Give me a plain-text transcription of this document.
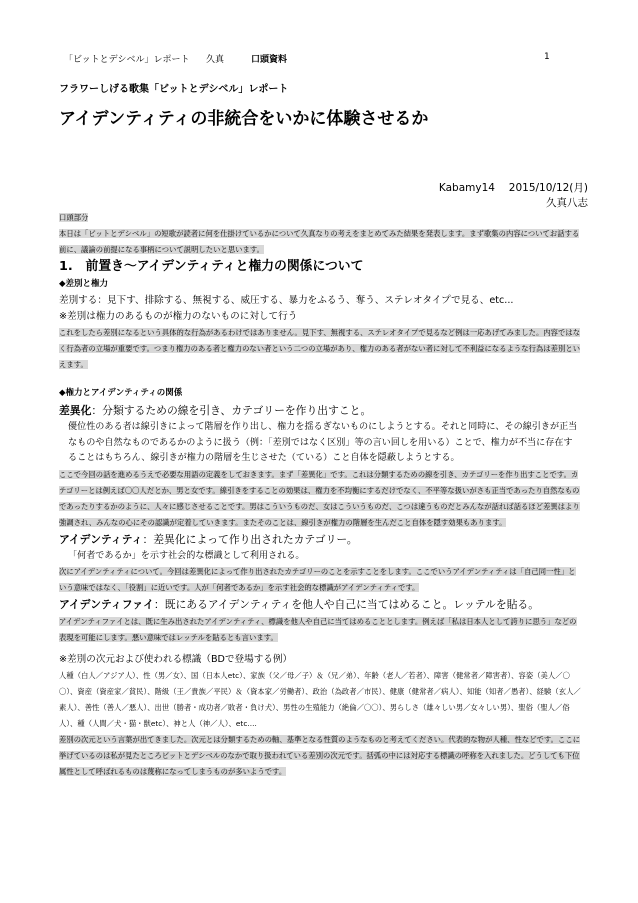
「ビットとデシベル」レポート 久真	口頭資料	1
フラワーしげる歌集「ビットとデシベル」レポート
アイデンティティの非統合をいかに体験させるか
Kabamy14　 2015/10/12(月)
久真八志

口頭部分

本日は「ビットとデシベル」の短歌が読者に何を仕掛けているかについて久真なりの考えをまとめてみた結果を発表します。まず歌集の内容についてお話する前に、議論の前提になる事柄について説明したいと思います。

1.　前置き～アイデンティティと権力の関係について

◆差別と権力

差別する：見下す、排除する、無視する、威圧する、暴力をふるう、奪う、ステレオタイプで見る、etc...

※差別は権力のあるものが権力のないものに対して行う

これをしたら差別になるという具体的な行為があるわけではありません。見下す、無視する、ステレオタイプで見るなど例は一応あげてみました。内容ではなく行為者の立場が重要です。つまり権力のある者と権力のない者という二つの立場があり、権力のある者がない者に対して不利益になるような行為は差別といえます。

◆権力とアイデンティティの関係

差異化：分類するための線を引き、カテゴリーを作り出すこと。

優位性のある者は線引きによって階層を作り出し、権力を揺るぎないものにしようとする。それと同時に、その線引きが正当なものや自然なものであるかのように扱う（例：「差別ではなく区別」等の言い回しを用いる）ことで、権力が不当に存在することはもちろん、線引きが権力の階層を生じさせた（ている）こと自体を隠蔽しようとする。

ここで今回の話を進めるうえで必要な用語の定義をしておきます。まず「差異化」です。これは分類するための線を引き、カテゴリーを作り出すことです。カテゴリーとは例えば〇〇人だとか、男と女です。線引きをすることの効果は、権力を不均衡にするだけでなく、不平等な扱いがさも正当であったり自然なものであったりするかのように、人々に感じさせることです。男はこういうものだ、女はこういうものだ、こつは違うものだとみんなが話れば話るほど差異はより強調され、みんなの心にその認識が定着していきます。またそのことは、線引きが権力の階層を生んだこと自体を隠す効果もあります。

アイデンティティ：差異化によって作り出されたカテゴリー。

「何者であるか」を示す社会的な標識として利用される。

次にアイデンティティについて。今回は差異化によって作り出されたカテゴリーのことを示すことをします。ここでいうアイデンティティは「自己同一性」という意味ではなく、「役割」に近いです。人が「何者であるか」を示す社会的な標識がアイデンティティです。

アイデンティファイ：既にあるアイデンティティを他人や自己に当てはめること。レッテルを貼る。

アイデンティファイとは、既に生み出されたアイデンティティ、標識を他人や自己に当てはめることとします。例えば「私は日本人として誇りに思う」などの表現を可能にします。悪い意味ではレッテルを貼るとも言います。

※差別の次元および使われる標識（BDで登場する例）

人種（白人／アジア人）、性（男／女）、国（日本人etc）、家族（父／母／子）＆（兄／弟）、年齢（老人／若者）、障害（健常者／障害者）、容姿（美人／〇〇）、資産（資産家／貧民）、階級（王／貴族／平民）＆（資本家／労働者）、政治（為政者／市民）、健康（健常者／病人）、知能（知者／愚者）、経験（玄人／素人）、善性（善人／悪人）、出世（勝者・成功者／敗者・負け犬）、男性の生殖能力（絶倫／〇〇）、男らしさ（雄々しい男／女々しい男）、聖俗（聖人／俗人）、種（人間／犬・猫・獣etc）、神と人（神／人）、etc....

差別の次元という言葉が出てきました。次元とは分類するための軸、基準となる性質のようなものと考えてください。代表的な物が人種、性などです。ここに挙げているのは私が見たところビットとデシベルのなかで取り扱われている差別の次元です。括弧の中には対応する標識の呼称を入れました。どうしても下位属性として呼ばれるものは蔑称になってしまうものが多いようです。
